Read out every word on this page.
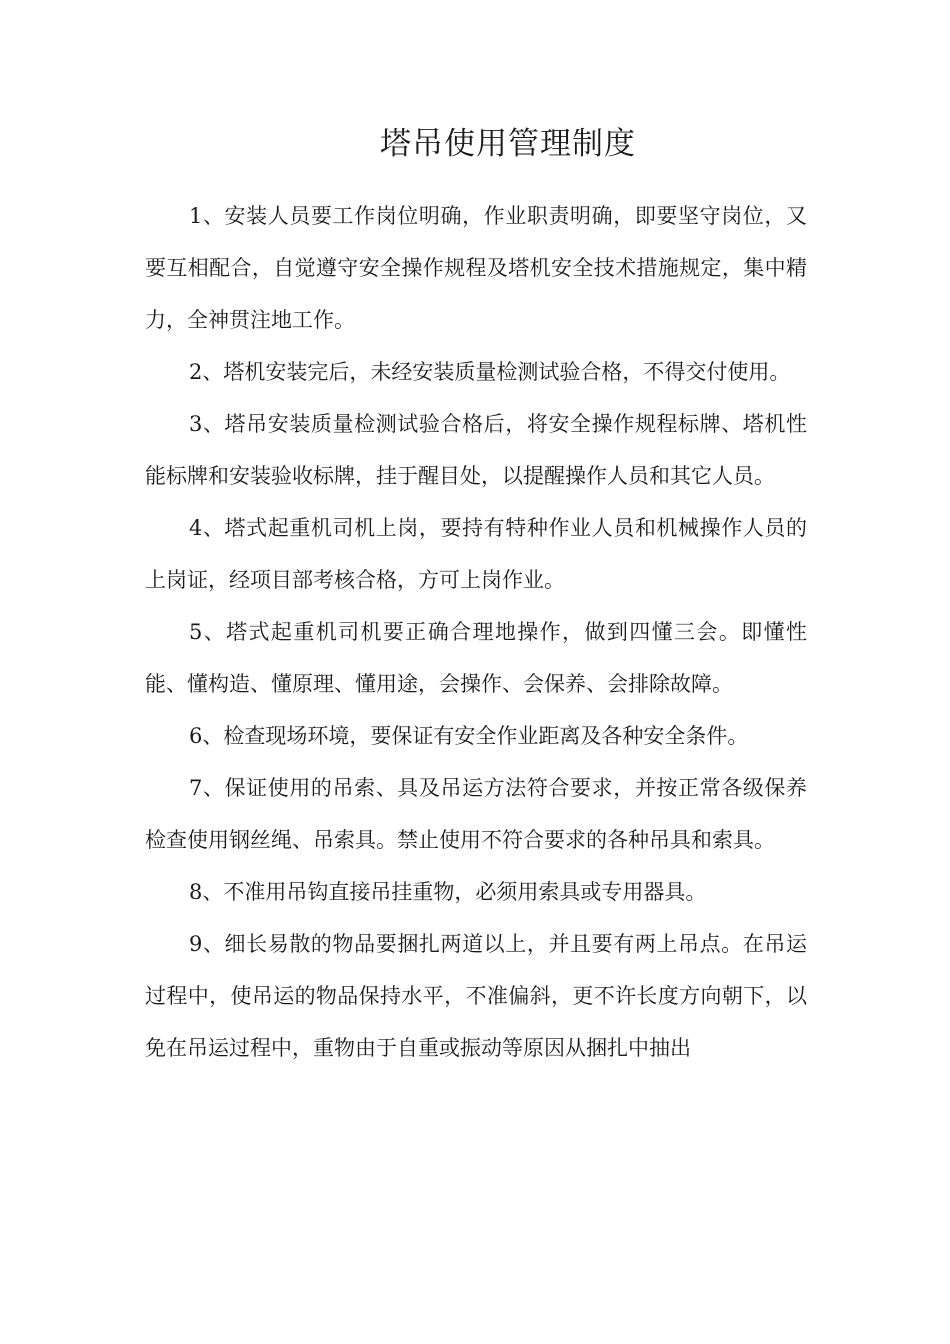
塔吊使用管理制度

1、安装人员要工作岗位明确，作业职责明确，即要坚守岗位，又要互相配合，自觉遵守安全操作规程及塔机安全技术措施规定，集中精力，全神贯注地工作。

2、塔机安装完后，未经安装质量检测试验合格，不得交付使用。

3、塔吊安装质量检测试验合格后，将安全操作规程标牌、塔机性能标牌和安装验收标牌，挂于醒目处，以提醒操作人员和其它人员。

4、塔式起重机司机上岗，要持有特种作业人员和机械操作人员的上岗证，经项目部考核合格，方可上岗作业。

5、塔式起重机司机要正确合理地操作，做到四懂三会。即懂性能、懂构造、懂原理、懂用途，会操作、会保养、会排除故障。

6、检查现场环境，要保证有安全作业距离及各种安全条件。

7、保证使用的吊索、具及吊运方法符合要求，并按正常各级保养检查使用钢丝绳、吊索具。禁止使用不符合要求的各种吊具和索具。

8、不准用吊钩直接吊挂重物，必须用索具或专用器具。

9、细长易散的物品要捆扎两道以上，并且要有两上吊点。在吊运过程中，使吊运的物品保持水平，不准偏斜，更不许长度方向朝下，以免在吊运过程中，重物由于自重或振动等原因从捆扎中抽出
